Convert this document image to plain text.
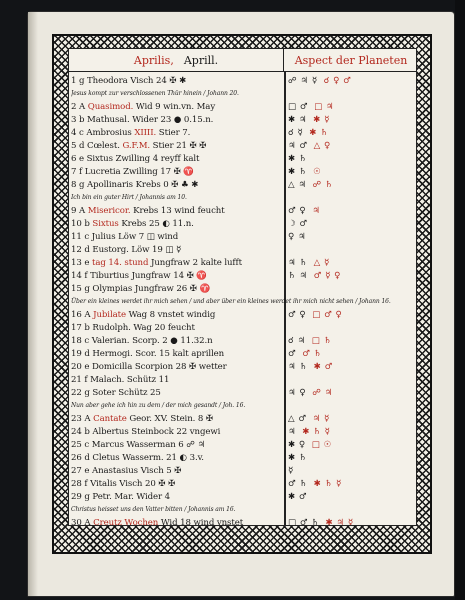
Aprilis, Aprill.	Aspect der Planeten
1 g Theodora Visch 24 ✠ ✱	☍ ♃ ☿ ☌ ♀ ♂
Jesus kompt zur verschlossenen Thür hinein / Johann 20.
2 A Quasimod. Wid 9 win.vn. May	□ ♂ □ ♃
3 b Mathusal. Wider 23 ● 0.15.n.	✱ ♃ ✱ ☿
4 c Ambrosius XIIII. Stier 7.	☌ ☿ ✱ ♄
5 d Cœlest. G.F.M. Stier 21 ✠ ✠	♃ ♂ △ ♀
6 e Sixtus Zwilling 4 reyff kalt	✱ ♄
7 f Lucretia Zwilling 17 ✠ ♈	✱ ♄ ☉
8 g Apollinaris Krebs 0 ✠ ♣ ✱	△ ♃ ☍ ♄
Ich bin ein guter Hirt / Johannis am 10.
9 A Misericor. Krebs 13 wind feucht	♂ ♀ ♃
10 b Sixtus Krebs 25 ◐ 11.n.	☽ ♂
11 c Julius Löw 7 ◫ wind	♀ ♃
12 d Eustorg. Löw 19 ◫ ☿
13 e tag 14. stund Jungfraw 2 kalte lufft	♃ ♄ △ ☿
14 f Tiburtius Jungfraw 14 ✠ ♈	♄ ♃ ♂ ☿ ♀
15 g Olympias Jungfraw 26 ✠ ♈
Über ein kleines werdet ihr mich sehen / und aber über ein kleines werdet ihr mich nicht sehen / Johann 16.
16 A Jubilate Wag 8 vnstet windig	♂ ♀ □ ♂ ♀
17 b Rudolph. Wag 20 feucht
18 c Valerian. Scorp. 2 ● 11.32.n	☌ ♃ □ ♄
19 d Hermogi. Scor. 15 kalt aprillen	♂ ♂ ♄
20 e Domicilla Scorpion 28 ✠ wetter	♃ ♄ ✱ ♂
21 f Malach. Schütz 11
22 g Soter Schütz 25	♃ ♀ ☍ ♃
Nun aber gehe ich hin zu dem / der mich gesandt / Joh. 16.
23 A Cantate Geor. XV. Stein. 8 ✠	△ ♂ ♃ ☿
24 b Albertus Steinbock 22 vngewi	♃ ✱ ♄ ☿
25 c Marcus Wasserman 6 ☍ ♃	✱ ♀ □ ☉
26 d Cletus Wasserm. 21 ◐ 3.v.	✱ ♄
27 e Anastasius Visch 5 ✠	☿
28 f Vitalis Visch 20 ✠ ✠	♂ ♄ ✱ ♄ ☿
29 g Petr. Mar. Wider 4	✱ ♂
Christus heisset uns den Vatter bitten / Johannis am 16.
30 A Creutz Wochen Wid 18 wind vnstet	□ ♂ ♄ ✱ ♃ ☿
